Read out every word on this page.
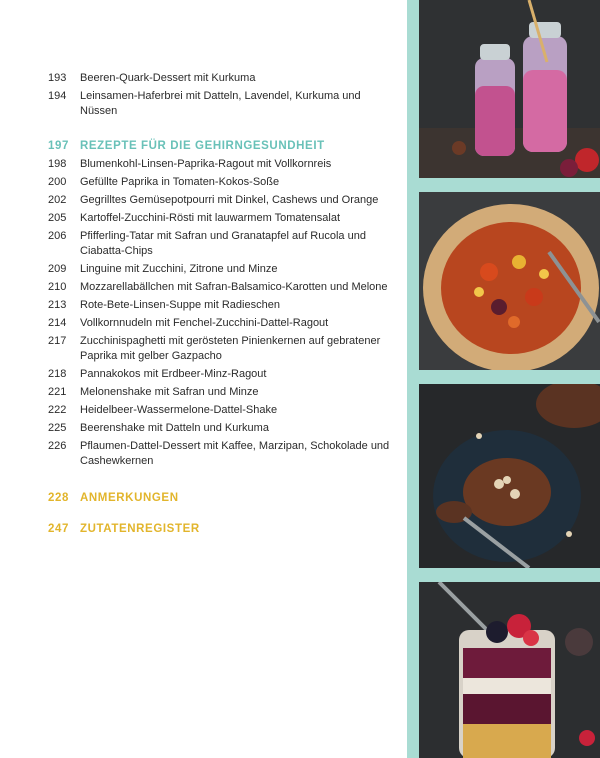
193	Beeren-Quark-Dessert mit Kurkuma
194	Leinsamen-Haferbrei mit Datteln, Lavendel, Kurkuma und Nüssen
197 REZEPTE FÜR DIE GEHIRNGESUNDHEIT
198	Blumenkohl-Linsen-Paprika-Ragout mit Vollkornreis
200	Gefüllte Paprika in Tomaten-Kokos-Soße
202	Gegrilltes Gemüsepotpourri mit Dinkel, Cashews und Orange
205	Kartoffel-Zucchini-Rösti mit lauwarmem Tomatensalat
206	Pfifferling-Tatar mit Safran und Granatapfel auf Rucola und Ciabatta-Chips
209	Linguine mit Zucchini, Zitrone und Minze
210	Mozzarellabällchen mit Safran-Balsamico-Karotten und Melone
213	Rote-Bete-Linsen-Suppe mit Radieschen
214	Vollkornnudeln mit Fenchel-Zucchini-Dattel-Ragout
217	Zucchinispaghetti mit gerösteten Pinienkernen auf gebratener Paprika mit gelber Gazpacho
218	Pannakokos mit Erdbeer-Minz-Ragout
221	Melonenshake mit Safran und Minze
222	Heidelbeer-Wassermelone-Dattel-Shake
225	Beerenshake mit Datteln und Kurkuma
226	Pflaumen-Dattel-Dessert mit Kaffee, Marzipan, Schokolade und Cashewkernen
228 ANMERKUNGEN
247 ZUTATENREGISTER
